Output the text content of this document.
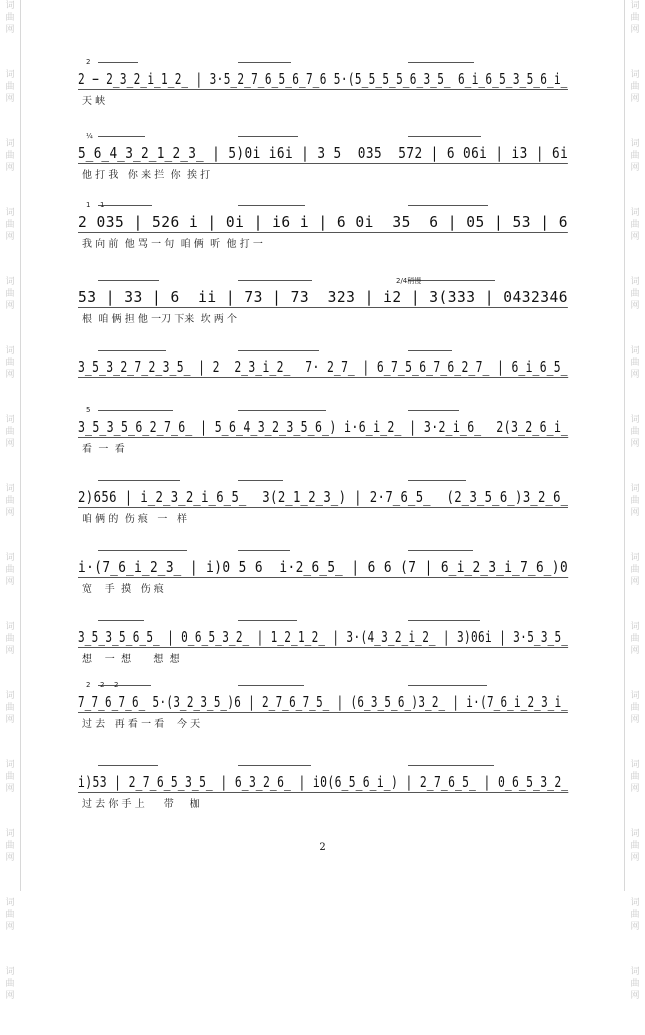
词
曲
网
词
曲
网
词
曲
网
词
曲
网
词
曲
网
词
曲
网
词
曲
网
词
曲
网
词
曲
网
词
曲
网
词
曲
网
词
曲
网
词
曲
网
词
曲
网
词
曲
网
词
曲
网
词
曲
网
词
曲
网
词
曲
网
词
曲
网
词
曲
网
词
曲
网
词
曲
网
词
曲
网
词
曲
网
词
曲
网
词
曲
网
词
曲
网
词
曲
网
词
曲
网
2
2 − 2̲3̲2̲i̲1̲2̲ | 3·5̲2̲7̲6̲5̲6̲7̲6 5·(5̲5̲5̲5̲6̲3̲5̲ 6̲i̲6̲5̲3̲5̲6̲i̲
天 峡
¼
5̲6̲4̲3̲2̲1̲2̲3̲ | 5)0i i6i | 3 5  035  572 | 6 06i | i3 | 6i
他 打 我   你 来 拦  你  挨 打
1 1
2 035 | 526 i | 0i | i6 i | 6 0i  35  6 | 05 | 53 | 6
我 向 前  他 骂 一 句  咱 俩  听  他 打 一
2/4稍慢
53 | 33 | 6  ii | 73 | 73  323 | i2 | 3(333 | 0432346
根  咱 俩 担 他 一刀 下来  坎 两 个
3̲5̲3̲2̲7̲2̲3̲5̲ | 2  2̲3̲i̲2̲  7· 2̲7̲ | 6̲7̲5̲6̲7̲6̲2̲7̲ | 6̲i̲6̲5̲
5
3̲5̲3̲5̲6̲2̲7̲6̲ | 5̲6̲4̲3̲2̲3̲5̲6̲) i·6̲i̲2̲ | 3·2̲i̲6̲  2(3̲2̲6̲i̲
看  一  看
2)656 | i̲2̲3̲2̲i̲6̲5̲  3(2̲1̲2̲3̲) | 2·7̲6̲5̲  (2̲3̲5̲6̲)3̲2̲6̲
咱 俩 的  伤 痕   一   样
i·(7̲6̲i̲2̲3̲ | i)0 5 6  i·2̲6̲5̲ | 6 6 (7 | 6̲i̲2̲3̲i̲7̲6̲)0
宽    手  摸   伤 痕
3̲5̲3̲5̲6̲5̲ | 0̲6̲5̲3̲2̲ | 1̲2̲1̲2̲ | 3·(4̲3̲2̲i̲2̲ | 3)06i | 3·5̲3̲5̲
想    一  想       想  想
2 2 2
7̲7̲6̲7̲6̲ 5·(3̲2̲3̲5̲)6 | 2̲7̲6̲7̲5̲ | (6̲3̲5̲6̲)3̲2̲ | i·(7̲6̲i̲2̲3̲i̲
过 去   再 看 一 看    今 天
i)53 | 2̲7̲6̲5̲3̲5̲ | 6̲3̲2̲6̲ | i0(6̲5̲6̲i̲) | 2̲7̲6̲5̲ | 0̲6̲5̲3̲2̲
过 去 你 手 上      带     枷
2
